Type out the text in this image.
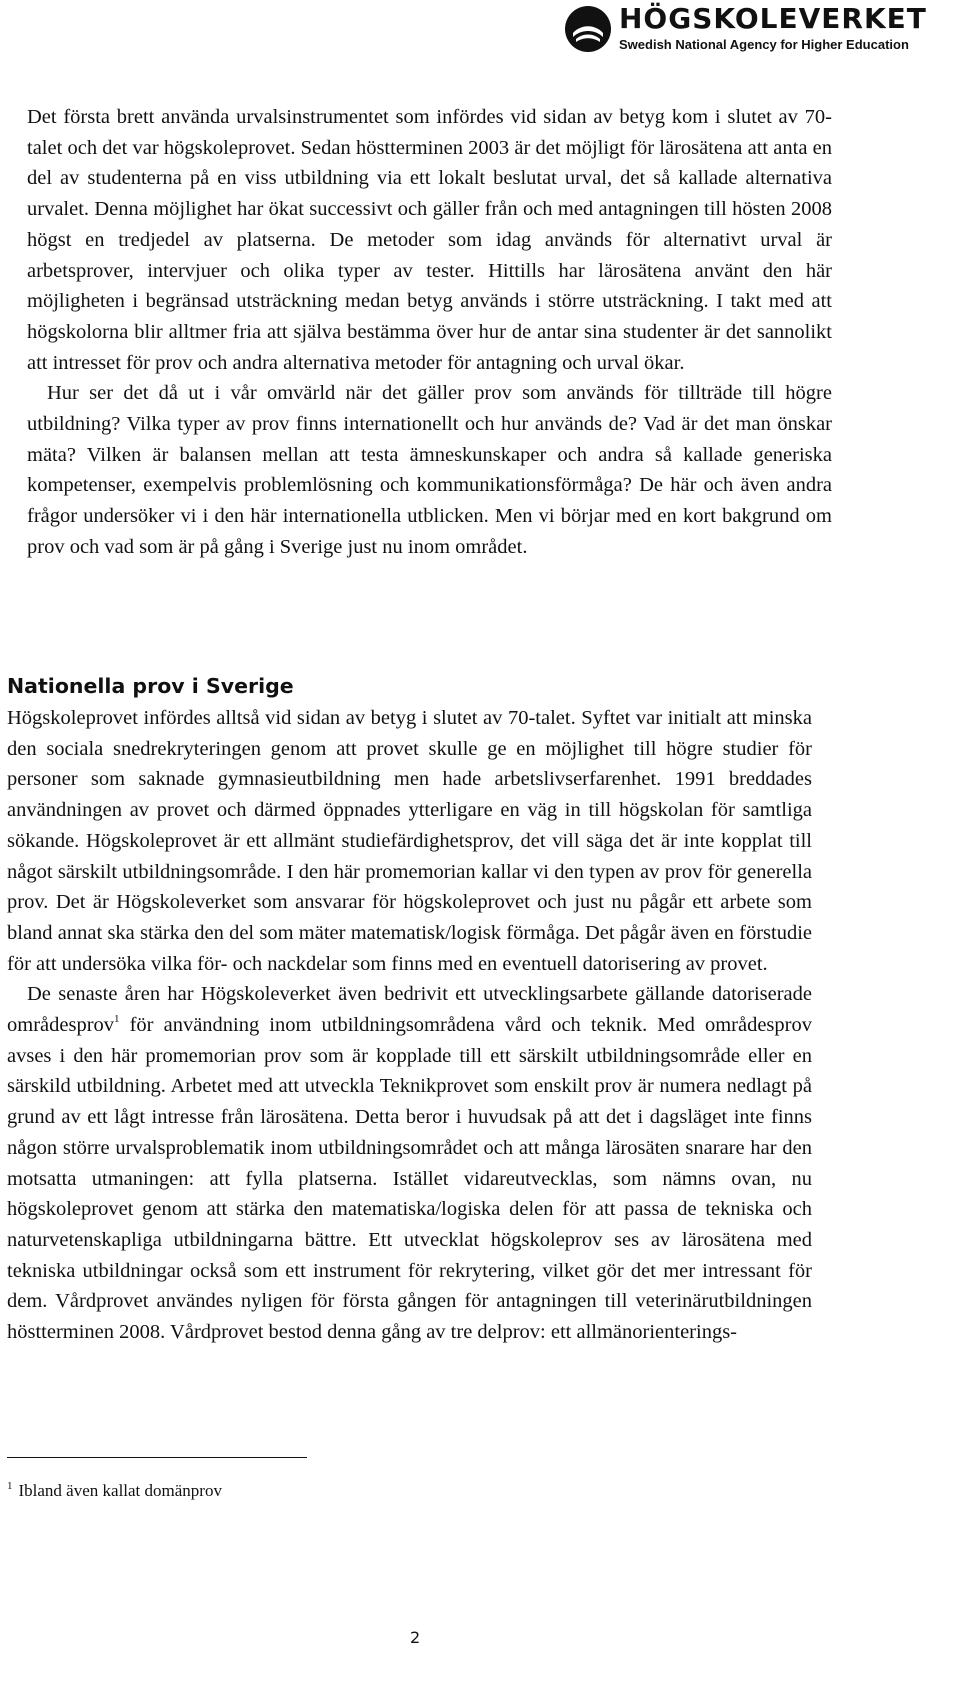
HÖGSKOLEVERKET
Swedish National Agency for Higher Education

Det första brett använda urvalsinstrumentet som infördes vid sidan av betyg kom i slutet av 70-talet och det var högskoleprovet. Sedan höstterminen 2003 är det möjligt för lärosätena att anta en del av studenterna på en viss utbildning via ett lokalt beslutat urval, det så kallade alternativa urvalet. Denna möjlighet har ökat successivt och gäller från och med antagningen till hösten 2008 högst en tredjedel av platserna. De metoder som idag används för alternativt urval är arbetsprover, intervjuer och olika typer av tester. Hittills har lärosätena använt den här möjligheten i begränsad utsträckning medan betyg används i större utsträckning. I takt med att högskolorna blir alltmer fria att själva bestämma över hur de antar sina studenter är det sannolikt att intresset för prov och andra alternativa metoder för antagning och urval ökar.

Hur ser det då ut i vår omvärld när det gäller prov som används för tillträde till högre utbildning? Vilka typer av prov finns internationellt och hur används de? Vad är det man önskar mäta? Vilken är balansen mellan att testa ämneskunskaper och andra så kallade generiska kompetenser, exempelvis problemlösning och kommunikationsförmåga? De här och även andra frågor undersöker vi i den här internationella utblicken. Men vi börjar med en kort bakgrund om prov och vad som är på gång i Sverige just nu inom området.

Nationella prov i Sverige

Högskoleprovet infördes alltså vid sidan av betyg i slutet av 70-talet. Syftet var initialt att minska den sociala snedrekryteringen genom att provet skulle ge en möjlighet till högre studier för personer som saknade gymnasieutbildning men hade arbetslivserfarenhet. 1991 breddades användningen av provet och därmed öppnades ytterligare en väg in till högskolan för samtliga sökande. Högskoleprovet är ett allmänt studiefärdighetsprov, det vill säga det är inte kopplat till något särskilt utbildningsområde. I den här promemorian kallar vi den typen av prov för generella prov. Det är Högskoleverket som ansvarar för högskoleprovet och just nu pågår ett arbete som bland annat ska stärka den del som mäter matematisk/logisk förmåga. Det pågår även en förstudie för att undersöka vilka för- och nackdelar som finns med en eventuell datorisering av provet.

De senaste åren har Högskoleverket även bedrivit ett utvecklingsarbete gällande datoriserade områdesprov$^1$ för användning inom utbildningsområdena vård och teknik. Med områdesprov avses i den här promemorian prov som är kopplade till ett särskilt utbildningsområde eller en särskild utbildning. Arbetet med att utveckla Teknikprovet som enskilt prov är numera nedlagt på grund av ett lågt intresse från lärosätena. Detta beror i huvudsak på att det i dagsläget inte finns någon större urvalsproblematik inom utbildningsområdet och att många lärosäten snarare har den motsatta utmaningen: att fylla platserna. Istället vidareutvecklas, som nämns ovan, nu högskoleprovet genom att stärka den matematiska/logiska delen för att passa de tekniska och naturvetenskapliga utbildningarna bättre. Ett utvecklat högskoleprov ses av lärosätena med tekniska utbildningar också som ett instrument för rekrytering, vilket gör det mer intressant för dem. Vårdprovet användes nyligen för första gången för antagningen till veterinärutbildningen höstterminen 2008. Vårdprovet bestod denna gång av tre delprov: ett allmänorienterings-

$^1$ Ibland även kallat domänprov
2
